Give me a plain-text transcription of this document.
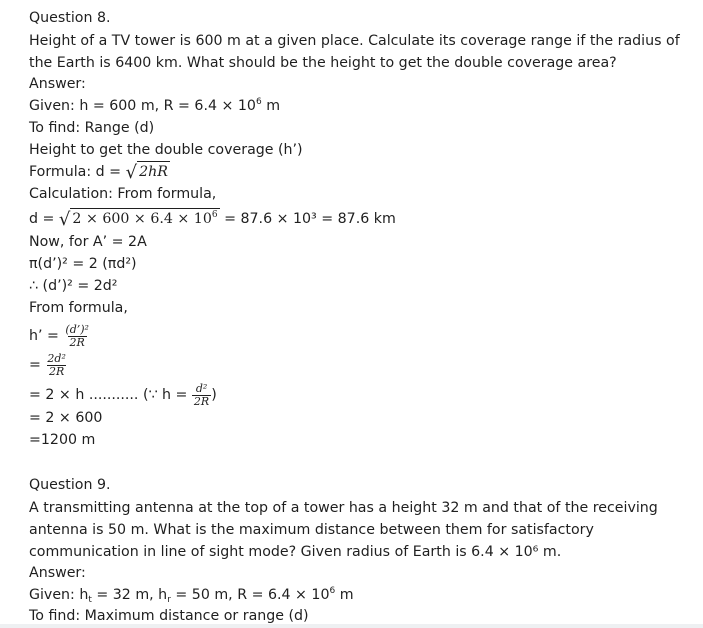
Question 8.
Height of a TV tower is 600 m at a given place. Calculate its coverage range if the radius of the Earth is 6400 km. What should be the height to get the double coverage area?
Answer:
Given: h = 600 m, $R = 6.4 \times 10^6$ m
To find: Range (d)
Height to get the double coverage (h’)
Formula: d = √ 2hR
Calculation: From formula,
d = √ $2 \times 600 \times 6.4 \times 10^6 = 87.6 \times 10^3 = 87.6$ km
Now, for A’ = 2A
π(d’)² = 2 (πd²)
∴ (d’)² = 2d²
From formula,
h’ = $\frac{\text{(d’)²}}{2R}$
= $\frac{\text{2d²}}{2R}$
= 2 × h ........... (∵ $h = \frac{\text{d²}}{2R}$ )
= 2 × 600
=1200 m
Question 9.
A transmitting antenna at the top of a tower has a height 32 m and that of the receiving antenna is 50 m. What is the maximum distance between them for satisfactory communication in line of sight mode? Given radius of Earth is 6.4 × 10⁶ m.
Answer:
Given: $h_t = 32$ m, $h_r = 50$ m, $R = 6.4 \times 10^6$ m
To find: Maximum distance or range (d)
